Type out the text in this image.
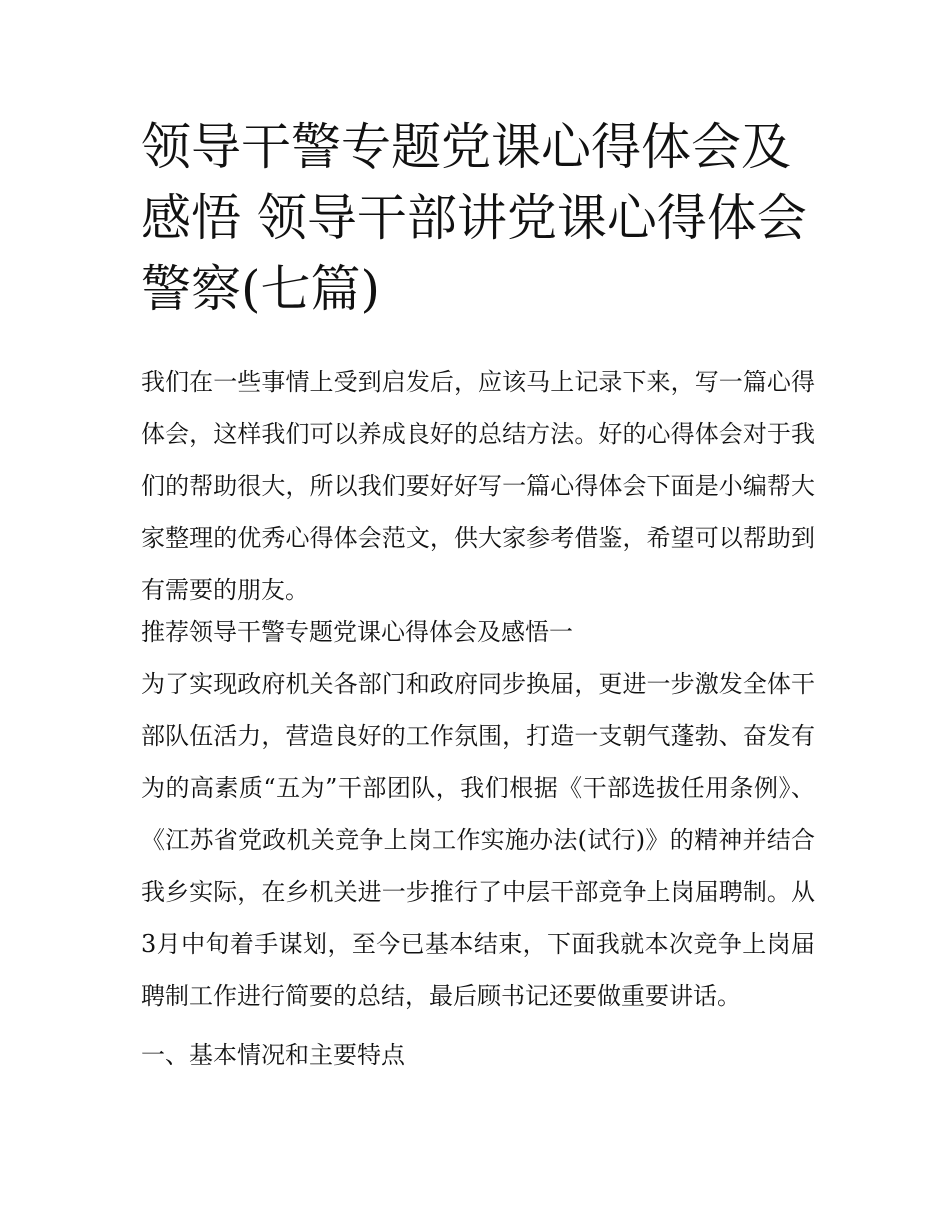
领导干警专题党课心得体会及感悟 领导干部讲党课心得体会警察(七篇)

我们在一些事情上受到启发后，应该马上记录下来，写一篇心得体会，这样我们可以养成良好的总结方法。好的心得体会对于我们的帮助很大，所以我们要好好写一篇心得体会下面是小编帮大家整理的优秀心得体会范文，供大家参考借鉴，希望可以帮助到有需要的朋友。

推荐领导干警专题党课心得体会及感悟一

为了实现政府机关各部门和政府同步换届，更进一步激发全体干部队伍活力，营造良好的工作氛围，打造一支朝气蓬勃、奋发有为的高素质“五为”干部团队，我们根据《干部选拔任用条例》、《江苏省党政机关竞争上岗工作实施办法(试行)》的精神并结合我乡实际，在乡机关进一步推行了中层干部竞争上岗届聘制。从3月中旬着手谋划，至今已基本结束，下面我就本次竞争上岗届聘制工作进行简要的总结，最后顾书记还要做重要讲话。

一、基本情况和主要特点
